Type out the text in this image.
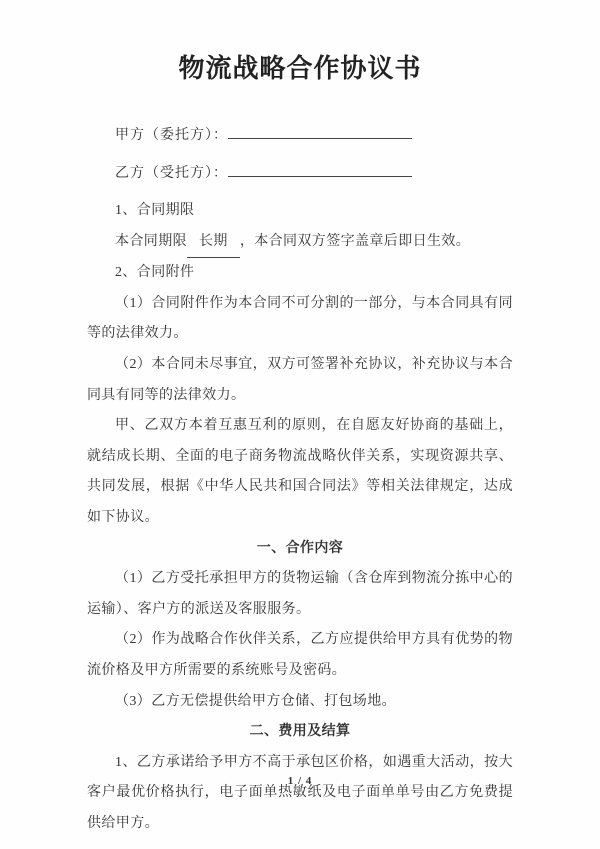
物流战略合作协议书
甲方（委托方）：
乙方（受托方）：
1、合同期限
本合同期限 长期 ，本合同双方签字盖章后即日生效。
2、合同附件
（1）合同附件作为本合同不可分割的一部分，与本合同具有同等的法律效力。
（2）本合同未尽事宜，双方可签署补充协议，补充协议与本合同具有同等的法律效力。
甲、乙双方本着互惠互利的原则，在自愿友好协商的基础上，就结成长期、全面的电子商务物流战略伙伴关系，实现资源共享、共同发展，根据《中华人民共和国合同法》等相关法律规定，达成如下协议。
一、合作内容
（1）乙方受托承担甲方的货物运输（含仓库到物流分拣中心的运输）、客户方的派送及客服服务。
（2）作为战略合作伙伴关系，乙方应提供给甲方具有优势的物流价格及甲方所需要的系统账号及密码。
（3）乙方无偿提供给甲方仓储、打包场地。
二、费用及结算
1、乙方承诺给予甲方不高于承包区价格，如遇重大活动，按大客户最优价格执行，电子面单热敏纸及电子面单单号由乙方免费提供给甲方。
1 / 4
